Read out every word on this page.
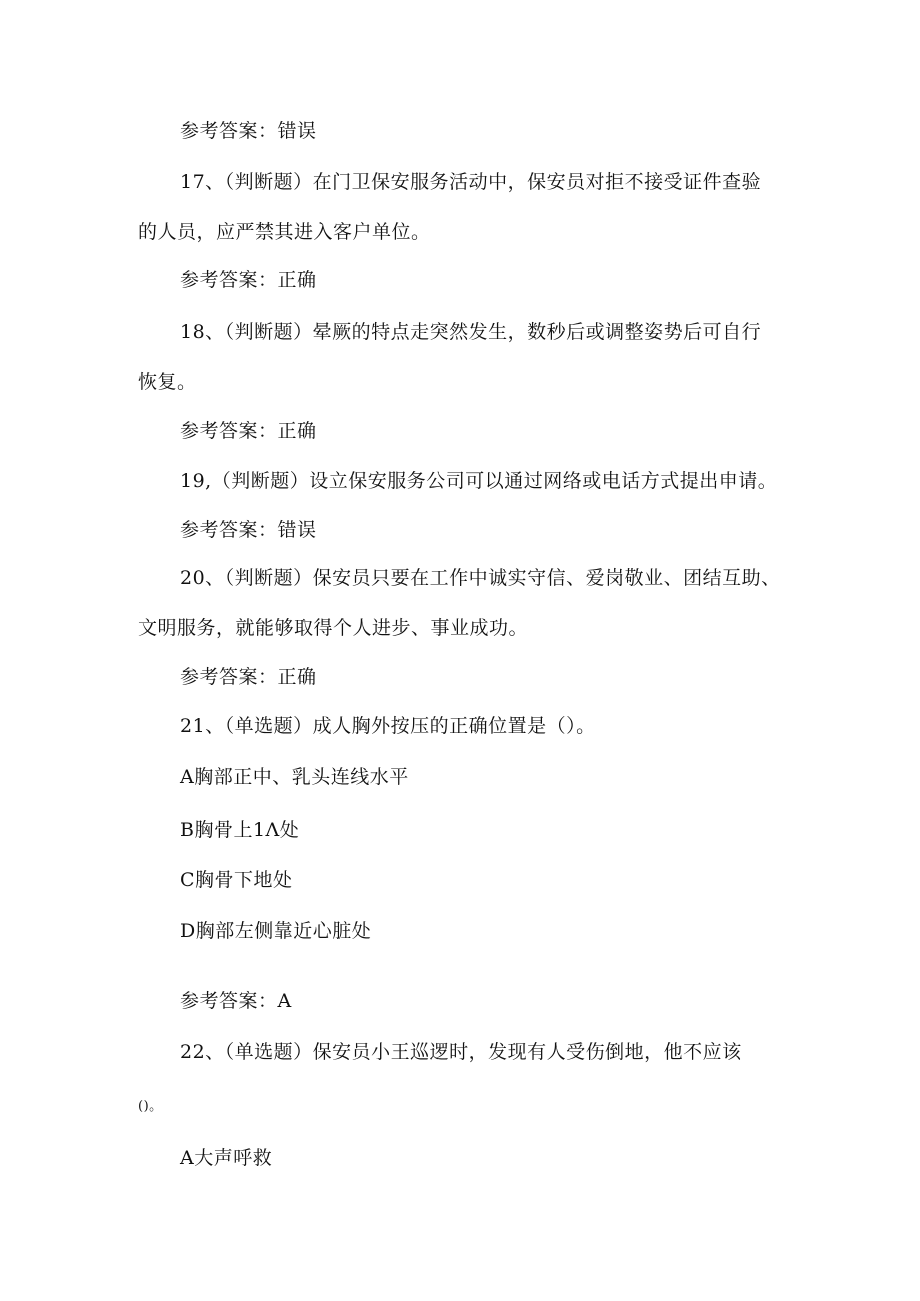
参考答案：错误
17、（判断题）在门卫保安服务活动中，保安员对拒不接受证件查验
的人员，应严禁其进入客户单位。
参考答案：正确
18、（判断题）晕厥的特点走突然发生，数秒后或调整姿势后可自行
恢复。
参考答案：正确
19,（判断题）设立保安服务公司可以通过网络或电话方式提出申请。
参考答案：错误
20、（判断题）保安员只要在工作中诚实守信、爱岗敬业、团结互助、
文明服务，就能够取得个人进步、事业成功。
参考答案：正确
21、（单选题）成人胸外按压的正确位置是（）。
A胸部正中、乳头连线水平
B胸骨上1Λ处
C胸骨下地处
D胸部左侧靠近心脏处
参考答案：A
22、（单选题）保安员小王巡逻时，发现有人受伤倒地，他不应该
()。
A大声呼救
